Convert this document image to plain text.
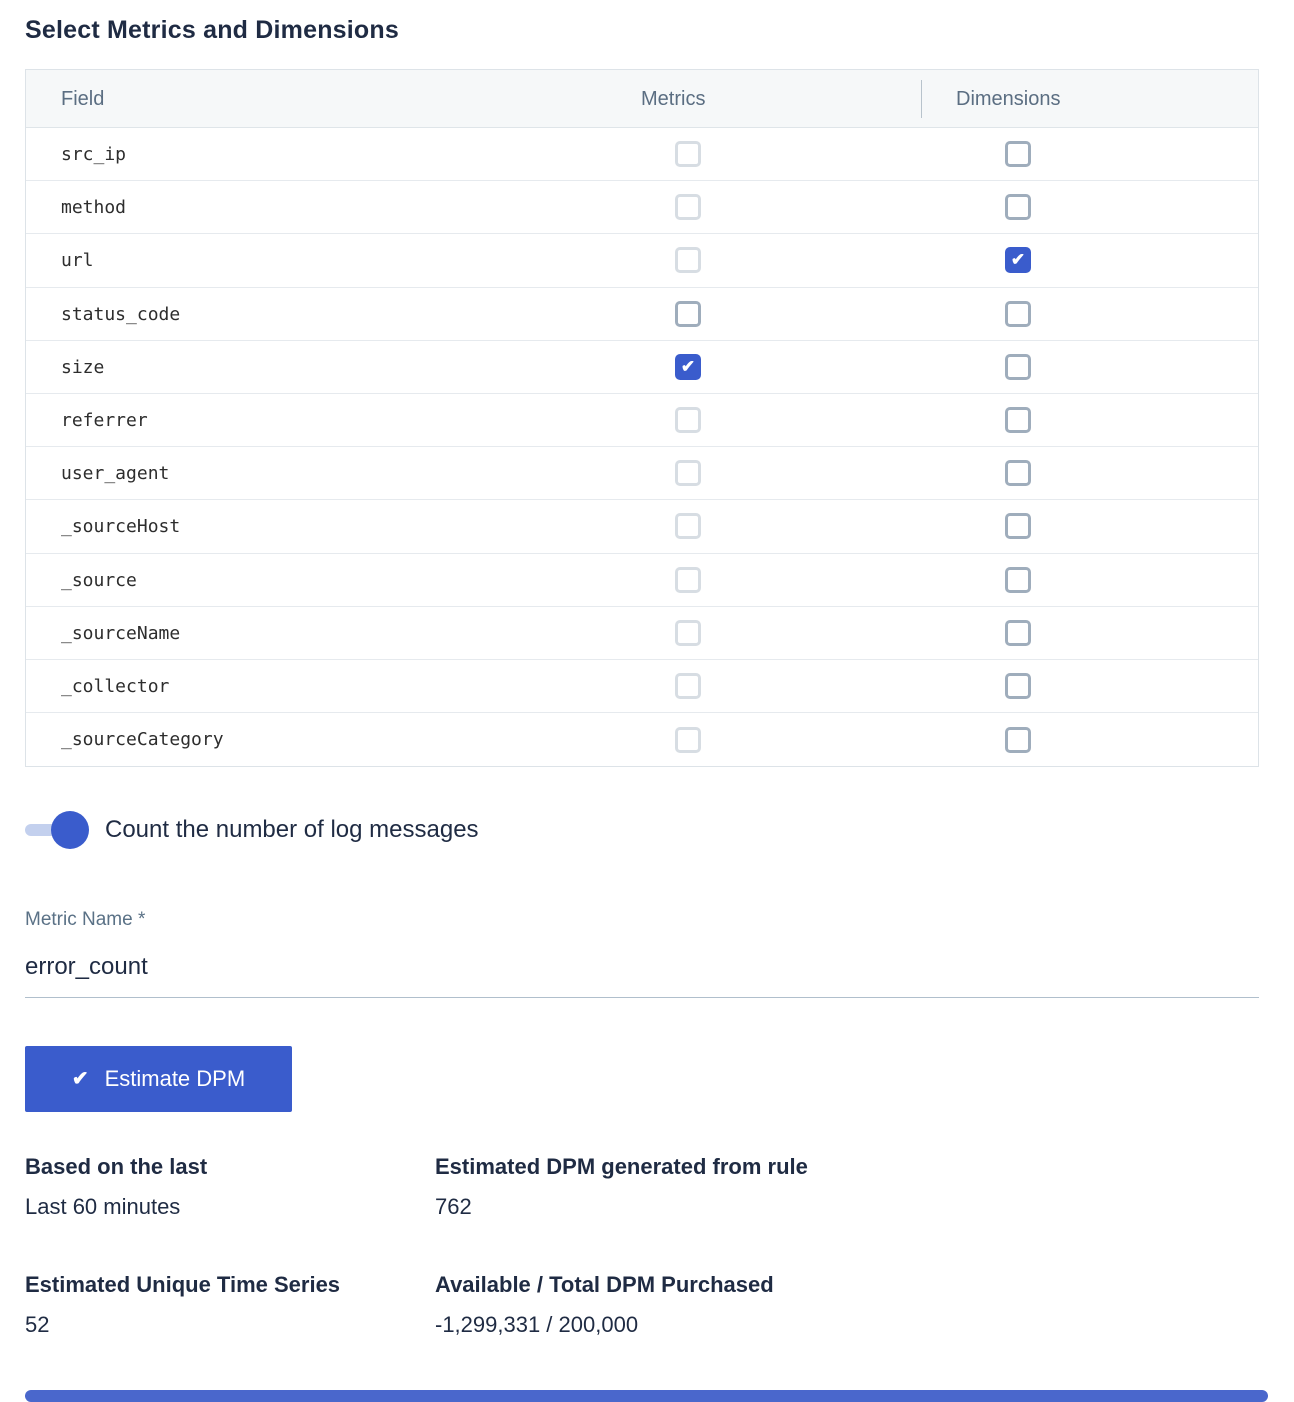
Select Metrics and Dimensions
Field	Metrics	Dimensions
src_ip
method
url
✔
status_code
size
✔
referrer
user_agent
_sourceHost
_source
_sourceName
_collector
_sourceCategory
Count the number of log messages
Metric Name *
error_count
✔ Estimate DPM
Based on the last
Last 60 minutes
Estimated DPM generated from rule
762
Estimated Unique Time Series
52
Available / Total DPM Purchased
-1,299,331 / 200,000
